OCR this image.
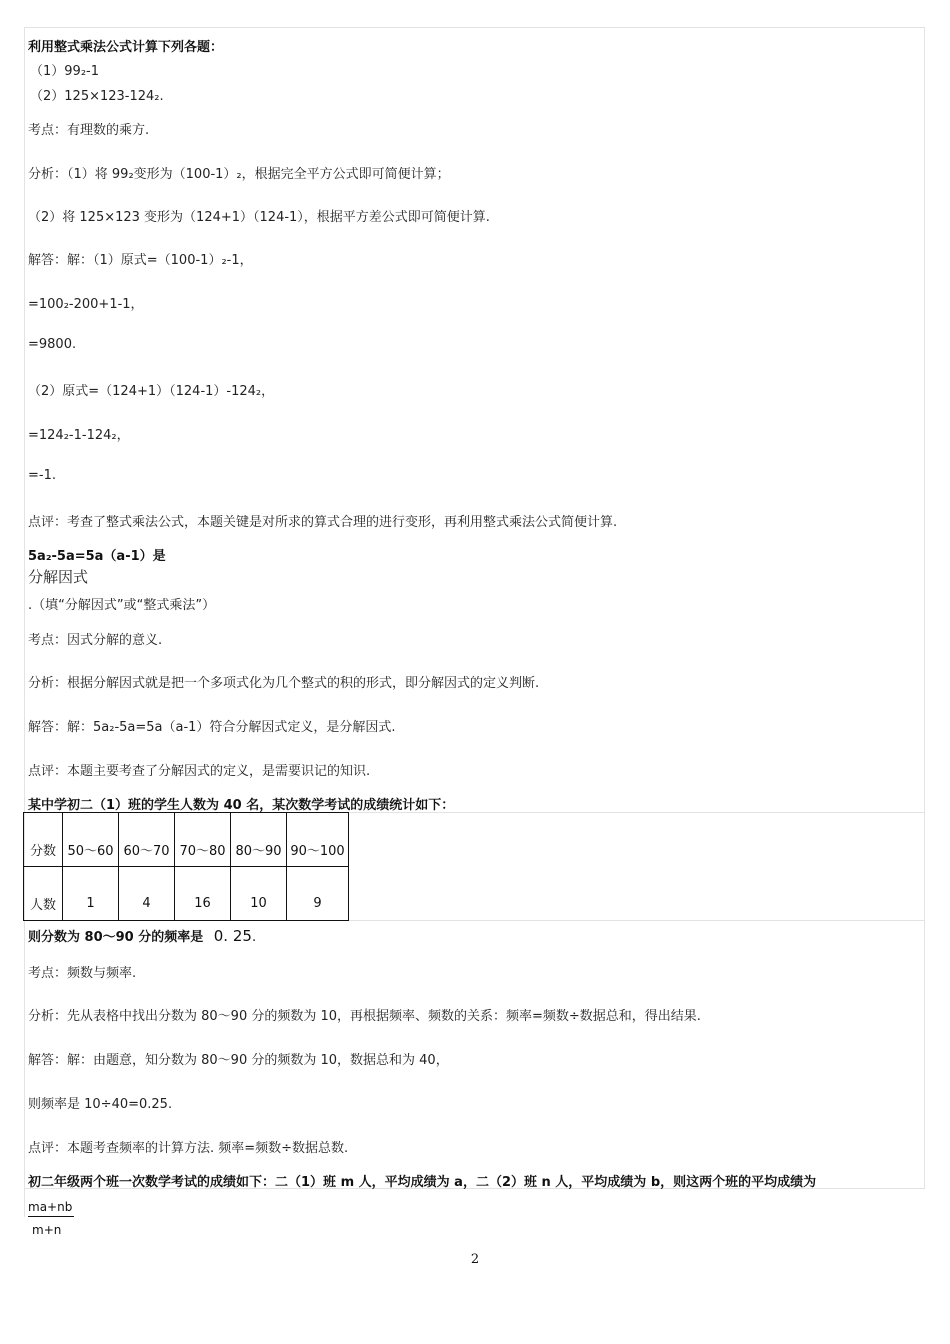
利用整式乘法公式计算下列各题：
（1）99₂-1
（2）125×123-124₂.
考点：有理数的乘方.
分析：（1）将 99₂变形为（100-1）₂，根据完全平方公式即可简便计算；
（2）将 125×123 变形为（124+1）（124-1），根据平方差公式即可简便计算.
解答：解：（1）原式=（100-1）₂-1，
=100₂-200+1-1，
=9800.
（2）原式=（124+1）（124-1）-124₂，
=124₂-1-124₂，
=-1.
点评：考查了整式乘法公式，本题关键是对所求的算式合理的进行变形，再利用整式乘法公式简便计算.
5a₂-5a=5a（a-1）是
分解因式
.（填“分解因式”或“整式乘法”）
考点：因式分解的意义.
分析：根据分解因式就是把一个多项式化为几个整式的积的形式，即分解因式的定义判断.
解答：解：5a₂-5a=5a（a-1）符合分解因式定义，是分解因式.
点评：本题主要考查了分解因式的定义，是需要识记的知识.
某中学初二（1）班的学生人数为 40 名，某次数学考试的成绩统计如下：
分数	50～60	60～70	70～80	80～90	90～100
人数	1	4	16	10	9
则分数为 80～90 分的频率是 0. 25.
考点：频数与频率.
分析：先从表格中找出分数为 80～90 分的频数为 10，再根据频率、频数的关系：频率=频数÷数据总和，得出结果.
解答：解：由题意，知分数为 80～90 分的频数为 10，数据总和为 40，
则频率是 10÷40=0.25.
点评：本题考查频率的计算方法. 频率=频数÷数据总数.
初二年级两个班一次数学考试的成绩如下：二（1）班 m 人，平均成绩为 a，二（2）班 n 人，平均成绩为 b，则这两个班的平均成绩为
$\frac{ma+nb}{m+n}$
2
